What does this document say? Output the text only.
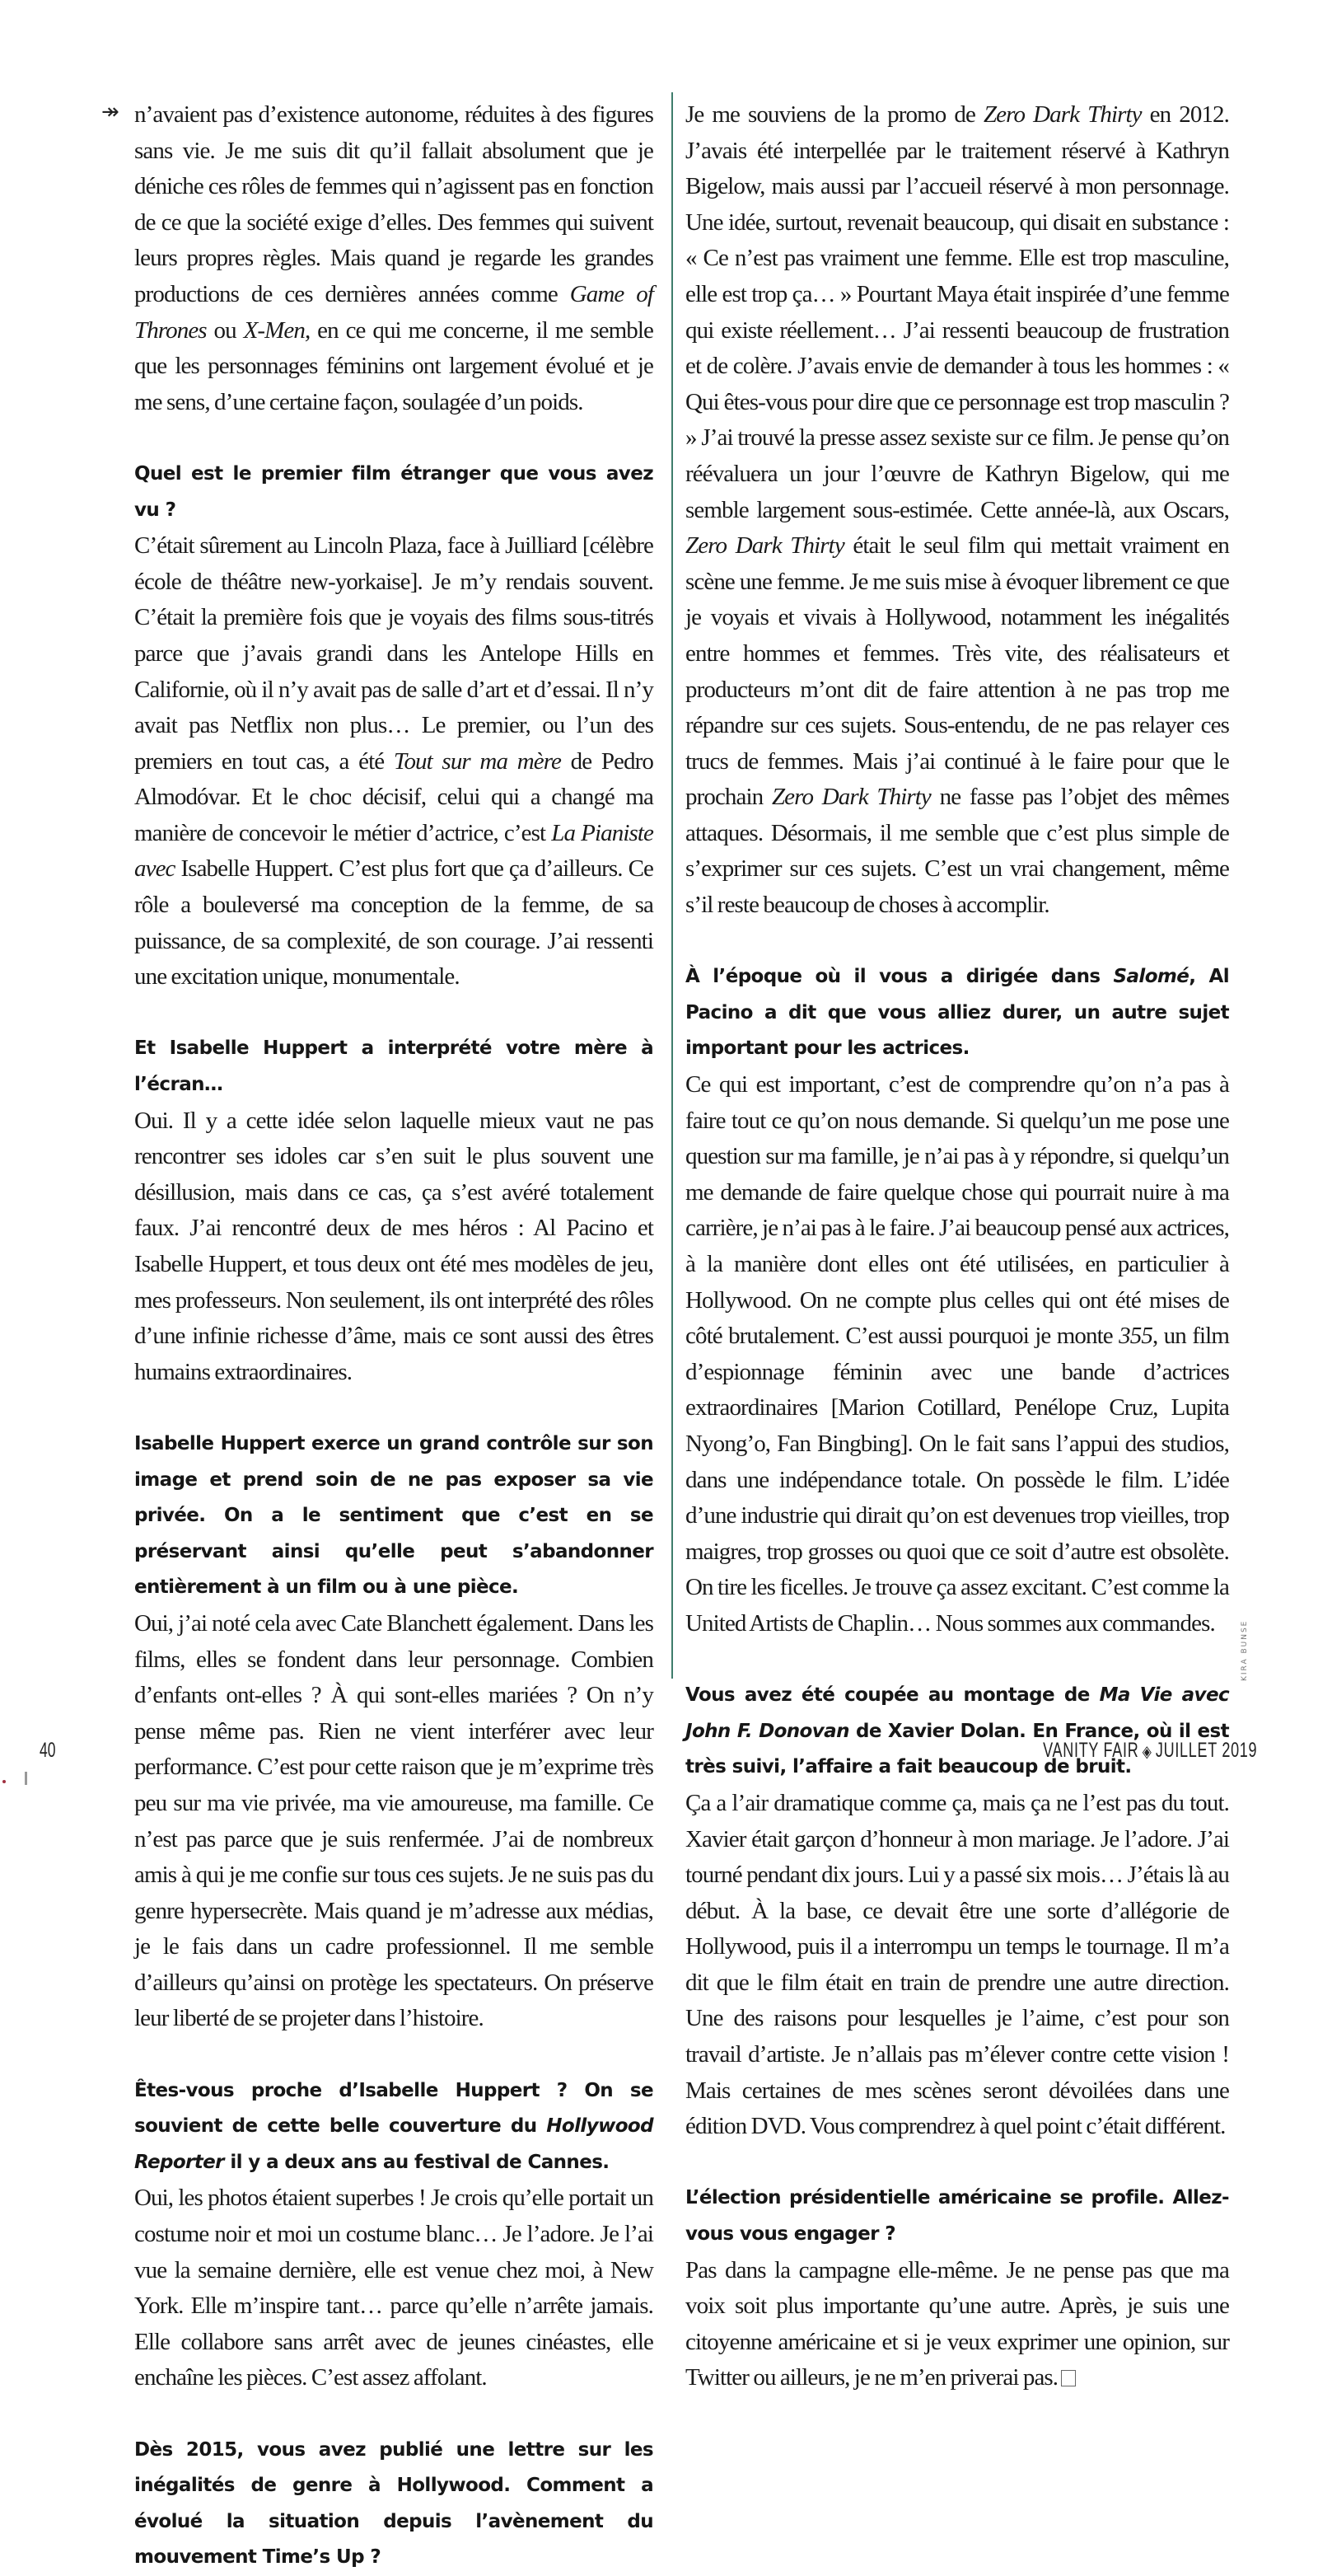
↠ n’avaient pas d’existence autonome, réduites à des figures sans vie. Je me suis dit qu’il fallait absolument que je déniche ces rôles de femmes qui n’agissent pas en fonction de ce que la société exige d’elles. Des femmes qui suivent leurs propres règles. Mais quand je regarde les grandes productions de ces dernières années comme Game of Thrones ou X-Men, en ce qui me concerne, il me semble que les personnages féminins ont largement évolué et je me sens, d’une certaine façon, soulagée d’un poids.

Quel est le premier film étranger que vous avez vu ?

C’était sûrement au Lincoln Plaza, face à Juilliard [célèbre école de théâtre new-yorkaise]. Je m’y rendais souvent. C’était la première fois que je voyais des films sous-titrés parce que j’avais grandi dans les Antelope Hills en Californie, où il n’y avait pas de salle d’art et d’essai. Il n’y avait pas Netflix non plus… Le premier, ou l’un des premiers en tout cas, a été Tout sur ma mère de Pedro Almodóvar. Et le choc décisif, celui qui a changé ma manière de concevoir le métier d’actrice, c’est La Pianiste avec Isabelle Huppert. C’est plus fort que ça d’ailleurs. Ce rôle a bouleversé ma conception de la femme, de sa puissance, de sa complexité, de son courage. J’ai ressenti une excitation unique, monumentale.

Et Isabelle Huppert a interprété votre mère à l’écran…

Oui. Il y a cette idée selon laquelle mieux vaut ne pas rencontrer ses idoles car s’en suit le plus souvent une désillusion, mais dans ce cas, ça s’est avéré totalement faux. J’ai rencontré deux de mes héros : Al Pacino et Isabelle Huppert, et tous deux ont été mes modèles de jeu, mes professeurs. Non seulement, ils ont interprété des rôles d’une infinie richesse d’âme, mais ce sont aussi des êtres humains extraordinaires.

Isabelle Huppert exerce un grand contrôle sur son image et prend soin de ne pas exposer sa vie privée. On a le sentiment que c’est en se préservant ainsi qu’elle peut s’abandonner entièrement à un film ou à une pièce.

Oui, j’ai noté cela avec Cate Blanchett également. Dans les films, elles se fondent dans leur personnage. Combien d’enfants ont-elles ? À qui sont-elles mariées ? On n’y pense même pas. Rien ne vient interférer avec leur performance. C’est pour cette raison que je m’exprime très peu sur ma vie privée, ma vie amoureuse, ma famille. Ce n’est pas parce que je suis renfermée. J’ai de nombreux amis à qui je me confie sur tous ces sujets. Je ne suis pas du genre hypersecrète. Mais quand je m’adresse aux médias, je le fais dans un cadre professionnel. Il me semble d’ailleurs qu’ainsi on protège les spectateurs. On préserve leur liberté de se projeter dans l’histoire.

Êtes-vous proche d’Isabelle Huppert ? On se souvient de cette belle couverture du Hollywood Reporter il y a deux ans au festival de Cannes.

Oui, les photos étaient superbes ! Je crois qu’elle portait un costume noir et moi un costume blanc… Je l’adore. Je l’ai vue la semaine dernière, elle est venue chez moi, à New York. Elle m’inspire tant… parce qu’elle n’arrête jamais. Elle collabore sans arrêt avec de jeunes cinéastes, elle enchaîne les pièces. C’est assez affolant.

Dès 2015, vous avez publié une lettre sur les inégalités de genre à Hollywood. Comment a évolué la situation depuis l’avènement du mouvement Time’s Up ?

Je me souviens de la promo de Zero Dark Thirty en 2012. J’avais été interpellée par le traitement réservé à Kathryn Bigelow, mais aussi par l’accueil réservé à mon personnage. Une idée, surtout, revenait beaucoup, qui disait en substance : « Ce n’est pas vraiment une femme. Elle est trop masculine, elle est trop ça… » Pourtant Maya était inspirée d’une femme qui existe réellement… J’ai ressenti beaucoup de frustration et de colère. J’avais envie de demander à tous les hommes : « Qui êtes-vous pour dire que ce personnage est trop masculin ? » J’ai trouvé la presse assez sexiste sur ce film. Je pense qu’on réévaluera un jour l’œuvre de Kathryn Bigelow, qui me semble largement sous-estimée. Cette année-là, aux Oscars, Zero Dark Thirty était le seul film qui mettait vraiment en scène une femme. Je me suis mise à évoquer librement ce que je voyais et vivais à Hollywood, notamment les inégalités entre hommes et femmes. Très vite, des réalisateurs et producteurs m’ont dit de faire attention à ne pas trop me répandre sur ces sujets. Sous-entendu, de ne pas relayer ces trucs de femmes. Mais j’ai continué à le faire pour que le prochain Zero Dark Thirty ne fasse pas l’objet des mêmes attaques. Désormais, il me semble que c’est plus simple de s’exprimer sur ces sujets. C’est un vrai changement, même s’il reste beaucoup de choses à accomplir.

À l’époque où il vous a dirigée dans Salomé, Al Pacino a dit que vous alliez durer, un autre sujet important pour les actrices.

Ce qui est important, c’est de comprendre qu’on n’a pas à faire tout ce qu’on nous demande. Si quelqu’un me pose une question sur ma famille, je n’ai pas à y répondre, si quelqu’un me demande de faire quelque chose qui pourrait nuire à ma carrière, je n’ai pas à le faire. J’ai beaucoup pensé aux actrices, à la manière dont elles ont été utilisées, en particulier à Hollywood. On ne compte plus celles qui ont été mises de côté brutalement. C’est aussi pourquoi je monte 355, un film d’espionnage féminin avec une bande d’actrices extraordinaires [Marion Cotillard, Penélope Cruz, Lupita Nyong’o, Fan Bingbing]. On le fait sans l’appui des studios, dans une indépendance totale. On possède le film. L’idée d’une industrie qui dirait qu’on est devenues trop vieilles, trop maigres, trop grosses ou quoi que ce soit d’autre est obsolète. On tire les ficelles. Je trouve ça assez excitant. C’est comme la United Artists de Chaplin… Nous sommes aux commandes.

Vous avez été coupée au montage de Ma Vie avec John F. Donovan de Xavier Dolan. En France, où il est très suivi, l’affaire a fait beaucoup de bruit.

Ça a l’air dramatique comme ça, mais ça ne l’est pas du tout. Xavier était garçon d’honneur à mon mariage. Je l’adore. J’ai tourné pendant dix jours. Lui y a passé six mois… J’étais là au début. À la base, ce devait être une sorte d’allégorie de Hollywood, puis il a interrompu un temps le tournage. Il m’a dit que le film était en train de prendre une autre direction. Une des raisons pour lesquelles je l’aime, c’est pour son travail d’artiste. Je n’allais pas m’élever contre cette vision ! Mais certaines de mes scènes seront dévoilées dans une édition DVD. Vous comprendrez à quel point c’était différent.

L’élection présidentielle américaine se profile. Allez-vous vous engager ?

Pas dans la campagne elle-même. Je ne pense pas que ma voix soit plus importante qu’une autre. Après, je suis une citoyenne américaine et si je veux exprimer une opinion, sur Twitter ou ailleurs, je ne m’en priverai pas.

KIRA BUNSE
40	VANITY FAIR ◈ JUILLET 2019
